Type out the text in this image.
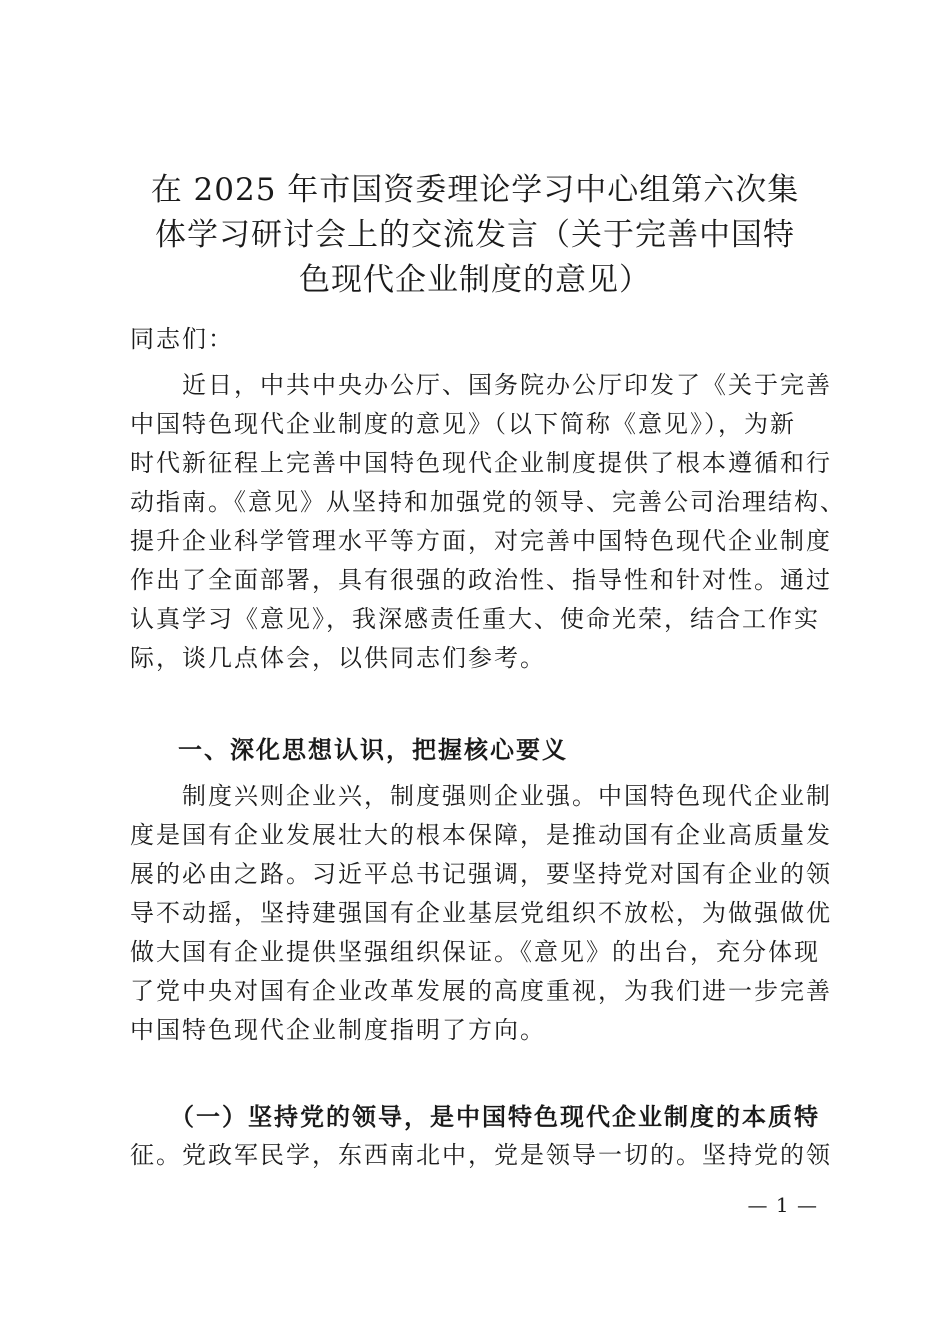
在 2025 年市国资委理论学习中心组第六次集
体学习研讨会上的交流发言（关于完善中国特
色现代企业制度的意见）
同志们：
　　近日，中共中央办公厅、国务院办公厅印发了《关于完善
中国特色现代企业制度的意见》（以下简称《意见》），为新
时代新征程上完善中国特色现代企业制度提供了根本遵循和行
动指南。《意见》从坚持和加强党的领导、完善公司治理结构、
提升企业科学管理水平等方面，对完善中国特色现代企业制度
作出了全面部署，具有很强的政治性、指导性和针对性。通过
认真学习《意见》，我深感责任重大、使命光荣，结合工作实
际，谈几点体会，以供同志们参考。
一、深化思想认识，把握核心要义
　　制度兴则企业兴，制度强则企业强。中国特色现代企业制
度是国有企业发展壮大的根本保障，是推动国有企业高质量发
展的必由之路。习近平总书记强调，要坚持党对国有企业的领
导不动摇，坚持建强国有企业基层党组织不放松，为做强做优
做大国有企业提供坚强组织保证。《意见》的出台，充分体现
了党中央对国有企业改革发展的高度重视，为我们进一步完善
中国特色现代企业制度指明了方向。
　　（一）坚持党的领导，是中国特色现代企业制度的本质特
征。党政军民学，东西南北中，党是领导一切的。坚持党的领
— 1 —
